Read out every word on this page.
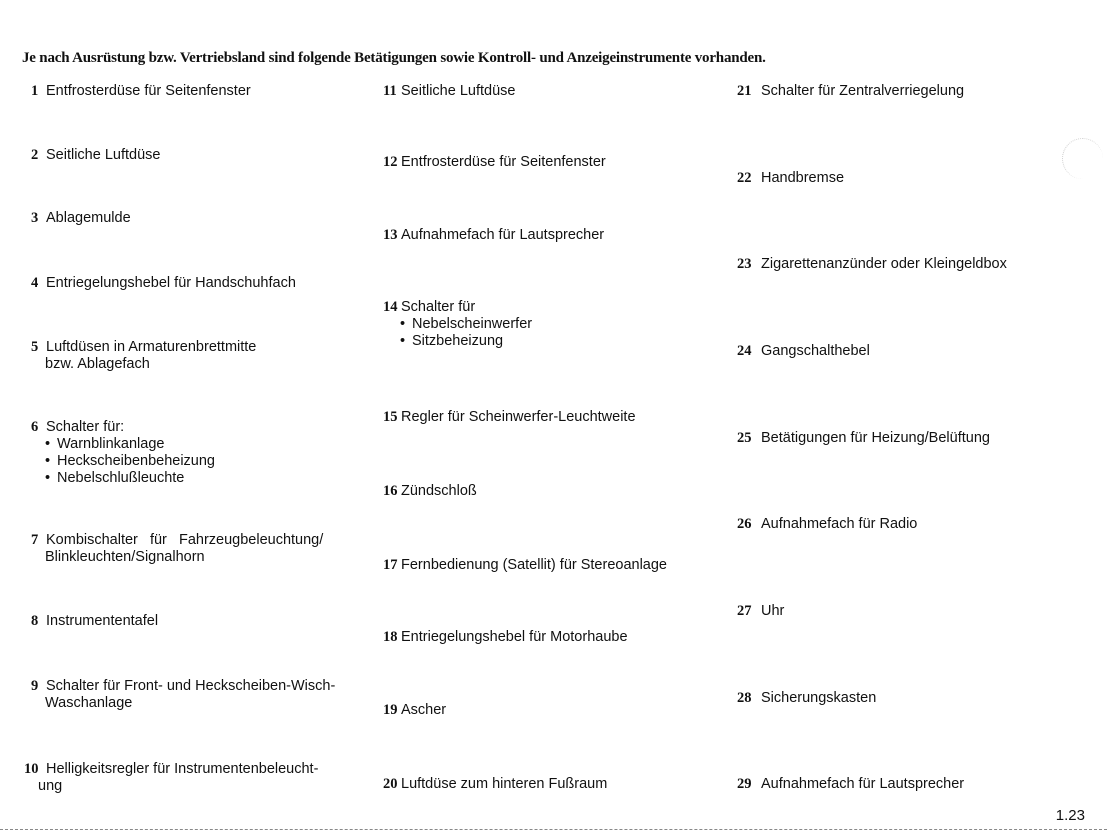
Je nach Ausrüstung bzw. Vertriebsland sind folgende Betätigungen sowie Kontroll- und Anzeigeinstrumente vorhanden.
1 Entfrosterdüse für Seitenfenster
2 Seitliche Luftdüse
3 Ablagemulde
4 Entriegelungshebel für Handschuhfach
5 Luftdüsen in Armaturenbrettmitte
bzw. Ablagefach
6 Schalter für:
• Warnblinkanlage
• Heckscheibenbeheizung
• Nebelschlußleuchte
7 Kombischalter   für   Fahrzeugbeleuchtung/
Blinkleuchten/Signalhorn
8 Instrumententafel
9 Schalter für Front- und Heckscheiben-Wisch-
Waschanlage
10 Helligkeitsregler für Instrumentenbeleucht-
ung
11 Seitliche Luftdüse
12 Entfrosterdüse für Seitenfenster
13 Aufnahmefach für Lautsprecher
14 Schalter für
• Nebelscheinwerfer
• Sitzbeheizung
15 Regler für Scheinwerfer-Leuchtweite
16 Zündschloß
17 Fernbedienung (Satellit) für Stereoanlage
18 Entriegelungshebel für Motorhaube
19 Ascher
20 Luftdüse zum hinteren Fußraum
21 Schalter für Zentralverriegelung
22 Handbremse
23 Zigarettenanzünder oder Kleingeldbox
24 Gangschalthebel
25 Betätigungen für Heizung/Belüftung
26 Aufnahmefach für Radio
27 Uhr
28 Sicherungskasten
29 Aufnahmefach für Lautsprecher
1.23
